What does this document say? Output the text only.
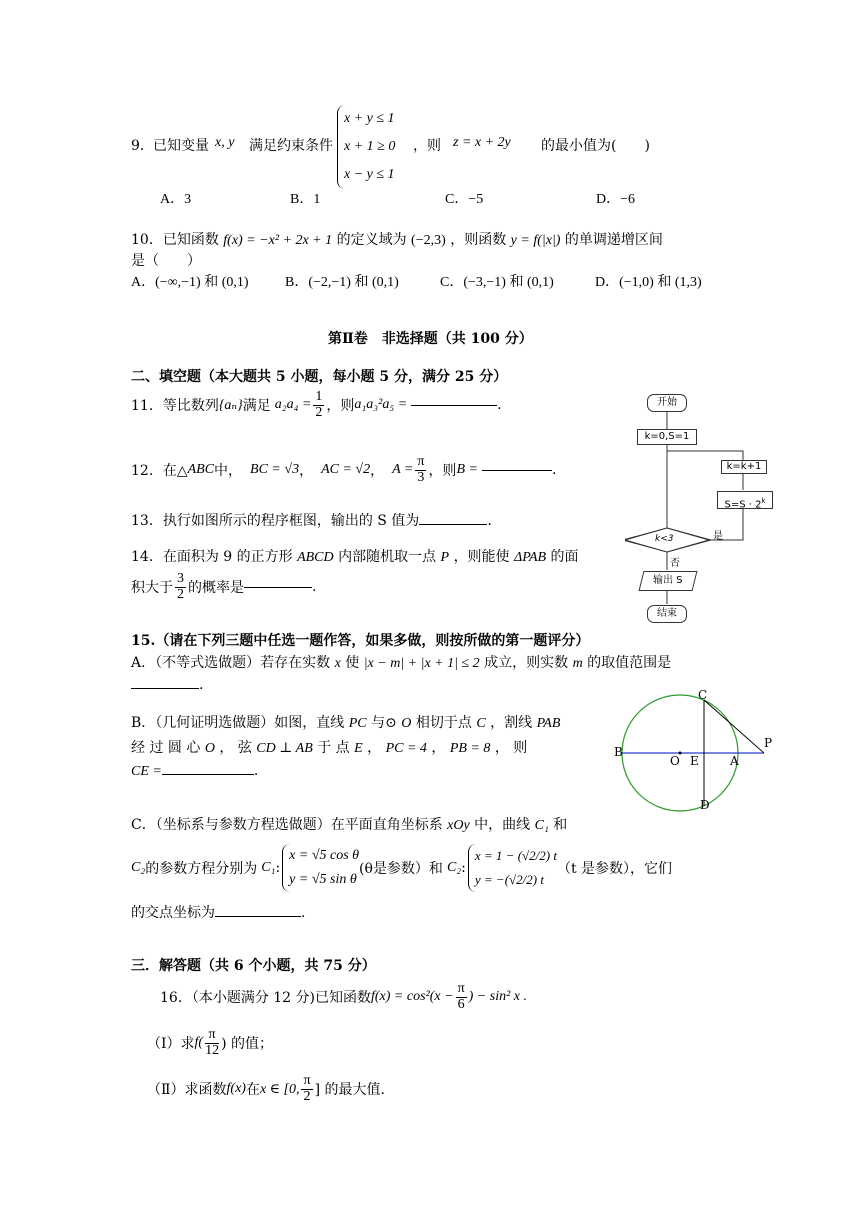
9． 已知变量 x, y 满足约束条件
x + y ≤ 1
x + 1 ≥ 0
x − y ≤ 1
，则 z = x + 2y 的最小值为(　　)
A．3	B．1	C．−5	D．−6
10．已知函数 f(x) = −x² + 2x + 1 的定义域为 (−2,3) ，则函数 y = f(|x|) 的单调递增区间
是（　　）
A．(−∞,−1) 和 (0,1)	B．(−2,−1) 和 (0,1)	C．(−3,−1) 和 (0,1)	D．(−1,0) 和 (1,3)
第Ⅱ卷　非选择题（共 100 分）
二、填空题（本大题共 5 小题，每小题 5 分，满分 25 分）
11．等比数列 {aₙ} 满足 $a_2a_4 = \frac{1}{2}$ ，则 a₁a₃²a₅ =	.
12．在△ ABC 中， BC = √3 ， AC = √2 ， $A = \frac{\pi}{3}$ ，则 B =	.
13．执行如图所示的程序框图，输出的 S 值为	.
14．在面积为 9 的正方形 ABCD 内部随机取一点 P ，则能使 ΔPAB 的面
积大于 $\frac{3}{2}$ 的概率是	.
开始
k=0,S=1
k=k+1
$S=S \cdot 2^k$
k<3	是
否
输出 S
结束
15.（请在下列三题中任选一题作答，如果多做，则按所做的第一题评分）
A．（不等式选做题）若存在实数 x 使 |x − m| + |x + 1| ≤ 2 成立，则实数 m 的取值范围是
.
B．（几何证明选做题）如图，直线 PC 与⊙ O 相切于点 C ，割线 PAB
经 过 圆 心 O ， 弦 CD ⊥ AB 于 点 E ， PC = 4 ， PB = 8 ， 则
CE =	.
C
B
O E	A
P
D
C．（坐标系与参数方程选做题）在平面直角坐标系 xOy 中，曲线 C₁ 和
C₂ 的参数方程分别为 C₁ :
x = √5 cos θ
y = √5 sin θ
(θ是参数）和 C₂ :
x = 1 − (√2/2) t
y = −(√2/2) t
（t 是参数），它们
的交点坐标为	.
三．解答题（共 6 个小题，共 75 分）
16．（本小题满分 12 分)已知函数 $f(x) = \cos^2(x - \frac{\pi}{6}$ ) − sin² x .
（Ⅰ）求 $f( \frac{\pi}{12}$ ) 的值；
（Ⅱ）求函数 f(x) 在 x ∈ [0, $\frac{\pi}{2}$ ] 的最大值.
